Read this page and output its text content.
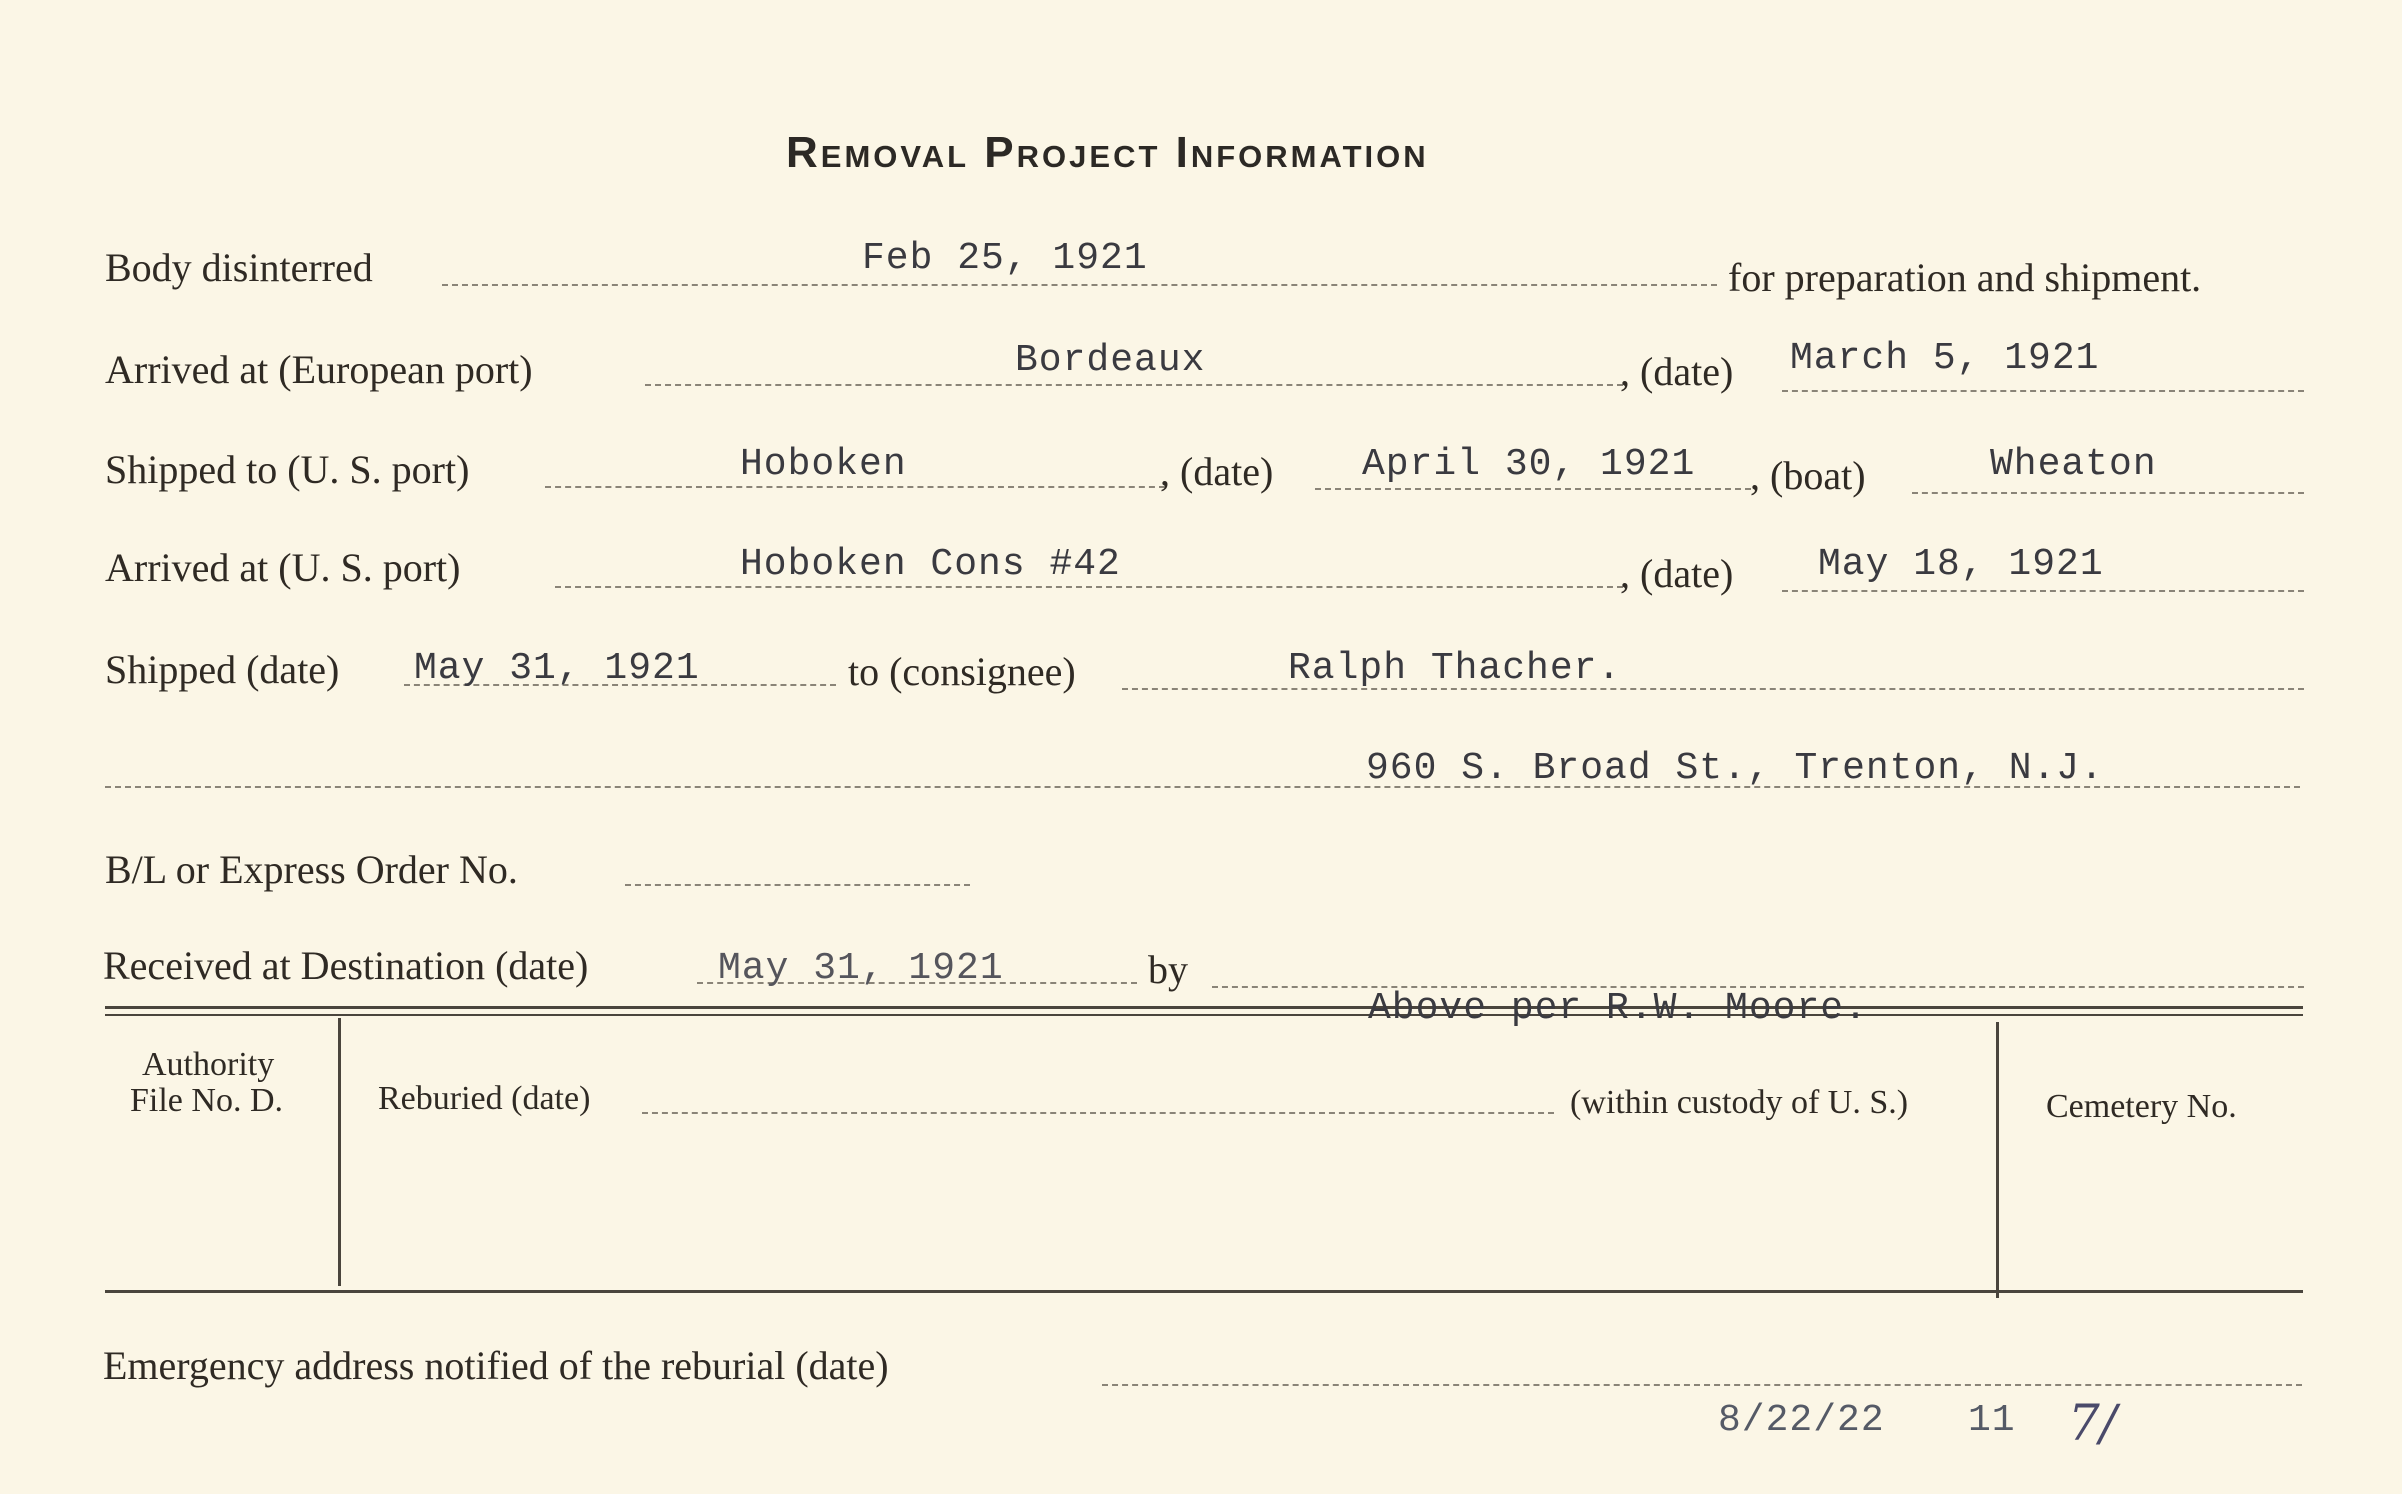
Removal Project Information
Body disinterred	Feb 25, 1921	for preparation and shipment.
Arrived at (European port)	Bordeaux	, (date) March 5, 1921
Shipped to (U. S. port)	Hoboken	, (date) April 30, 1921 , (boat)	Wheaton
Arrived at (U. S. port)	Hoboken Cons #42	, (date) May 18, 1921
Shipped (date) May 31, 1921	to (consignee)	Ralph Thacher.
960 S. Broad St., Trenton, N.J.
B/L or Express Order No.
Received at Destination (date)	May 31, 1921	by
Above per R.W. Moore.
Authority
File No. D.	Reburied (date)	(within custody of U. S.)	Cemetery No.
Emergency address notified of the reburial (date)
8/22/22 11 7/
